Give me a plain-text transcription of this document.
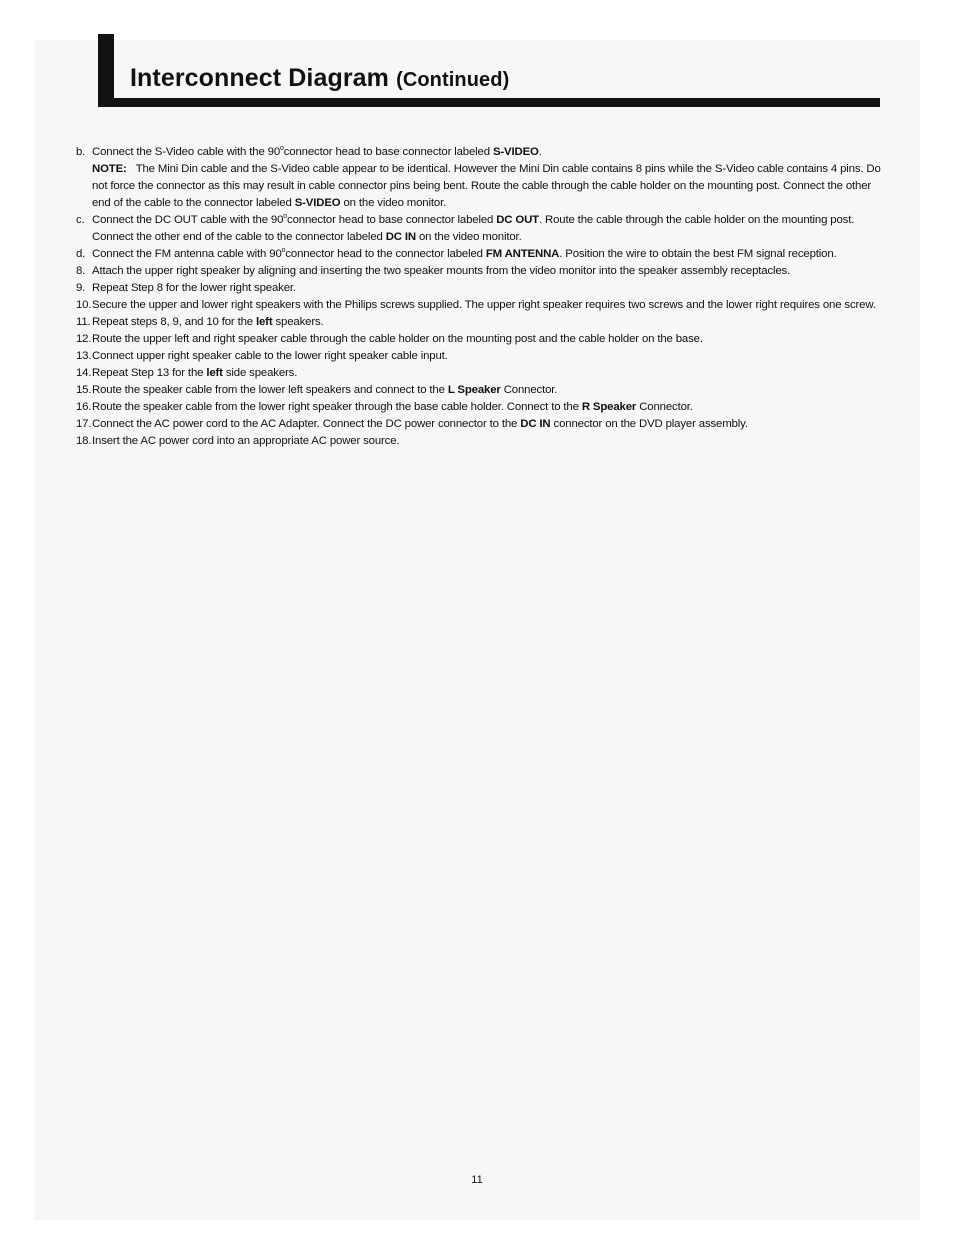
Interconnect Diagram (Continued)
b. Connect the S-Video cable with the 90$^o$connector head to base connector labeled S-VIDEO.
NOTE: The Mini Din cable and the S-Video cable appear to be identical. However the Mini Din cable contains 8 pins while the S-Video cable contains 4 pins. Do not force the connector as this may result in cable connector pins being bent. Route the cable through the cable holder on the mounting post. Connect the other end of the cable to the connector labeled S-VIDEO on the video monitor.
c. Connect the DC OUT cable with the 90$^o$connector head to base connector labeled DC OUT. Route the cable through the cable holder on the mounting post. Connect the other end of the cable to the connector labeled DC IN on the video monitor.
d. Connect the FM antenna cable with 90$^o$connector head to the connector labeled FM ANTENNA. Position the wire to obtain the best FM signal reception.
8. Attach the upper right speaker by aligning and inserting the two speaker mounts from the video monitor into the speaker assembly receptacles.
9. Repeat Step 8 for the lower right speaker.
10. Secure the upper and lower right speakers with the Philips screws supplied. The upper right speaker requires two screws and the lower right requires one screw.
11. Repeat steps 8, 9, and 10 for the left speakers.
12. Route the upper left and right speaker cable through the cable holder on the mounting post and the cable holder on the base.
13. Connect upper right speaker cable to the lower right speaker cable input.
14. Repeat Step 13 for the left side speakers.
15. Route the speaker cable from the lower left speakers and connect to the L Speaker Connector.
16. Route the speaker cable from the lower right speaker through the base cable holder. Connect to the R Speaker Connector.
17. Connect the AC power cord to the AC Adapter. Connect the DC power connector to the DC IN connector on the DVD player assembly.
18. Insert the AC power cord into an appropriate AC power source.
11
